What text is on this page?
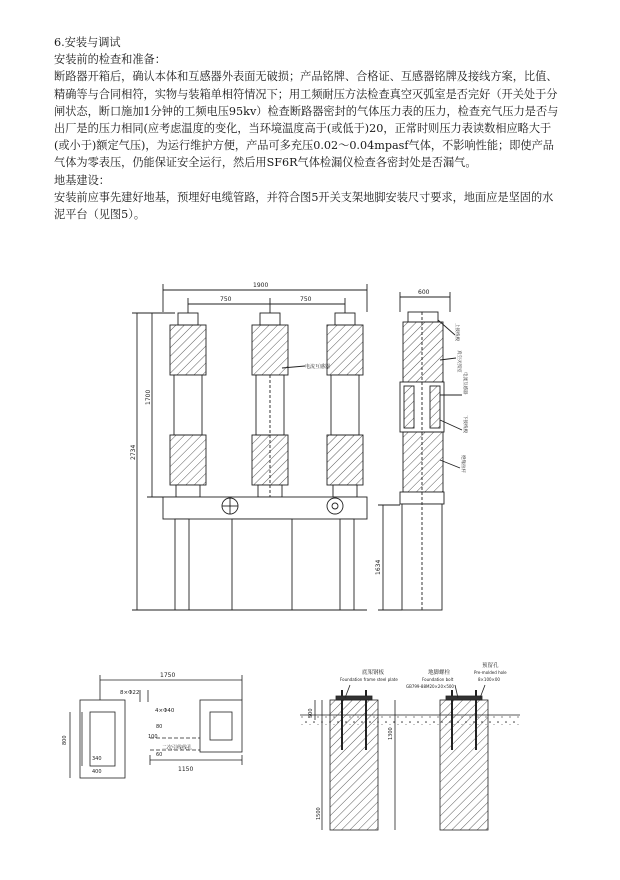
6.安装与调试

安装前的检查和准备：

断路器开箱后，确认本体和互感器外表面无破损；产品铭牌、合格证、互感器铭牌及接线方案，比值、精确等与合同相符，实物与装箱单相符情况下；用工频耐压方法检查真空灭弧室是否完好（开关处于分闸状态，断口施加1分钟的工频电压95kv）检查断路器密封的气体压力表的压力，检查充气压力是否与出厂是的压力相同(应考虑温度的变化，当环境温度高于(或低于)20，正常时则压力表读数相应略大于(或小于)额定气压)，为运行维护方便，产品可多充压0.02～0.04mpasf气体，不影响性能；即使产品气体为零表压，仍能保证安全运行，然后用SF6R气体检漏仪检查各密封处是否漏气。

地基建设：

安装前应事先建好地基，预埋好电缆管路，并符合图5开关支架地脚安装尺寸要求，地面应是坚固的水泥平台（见图5）。

1900
750	750
1700
2734
电流互感器
600
1634
上接线板
真空灭弧室
电流互感器
下接线板
绝缘拉杆
1750
8×Φ22
4×Φ40
二次引线线孔
1150
800
340
400
80
100
60
底架钢板
Foundation frame steel plate
地脚螺栓
Foundation bolt
GB799-88M20×20×500
预留孔
Pre-molded hole
8×100×00
500
1300
1500
